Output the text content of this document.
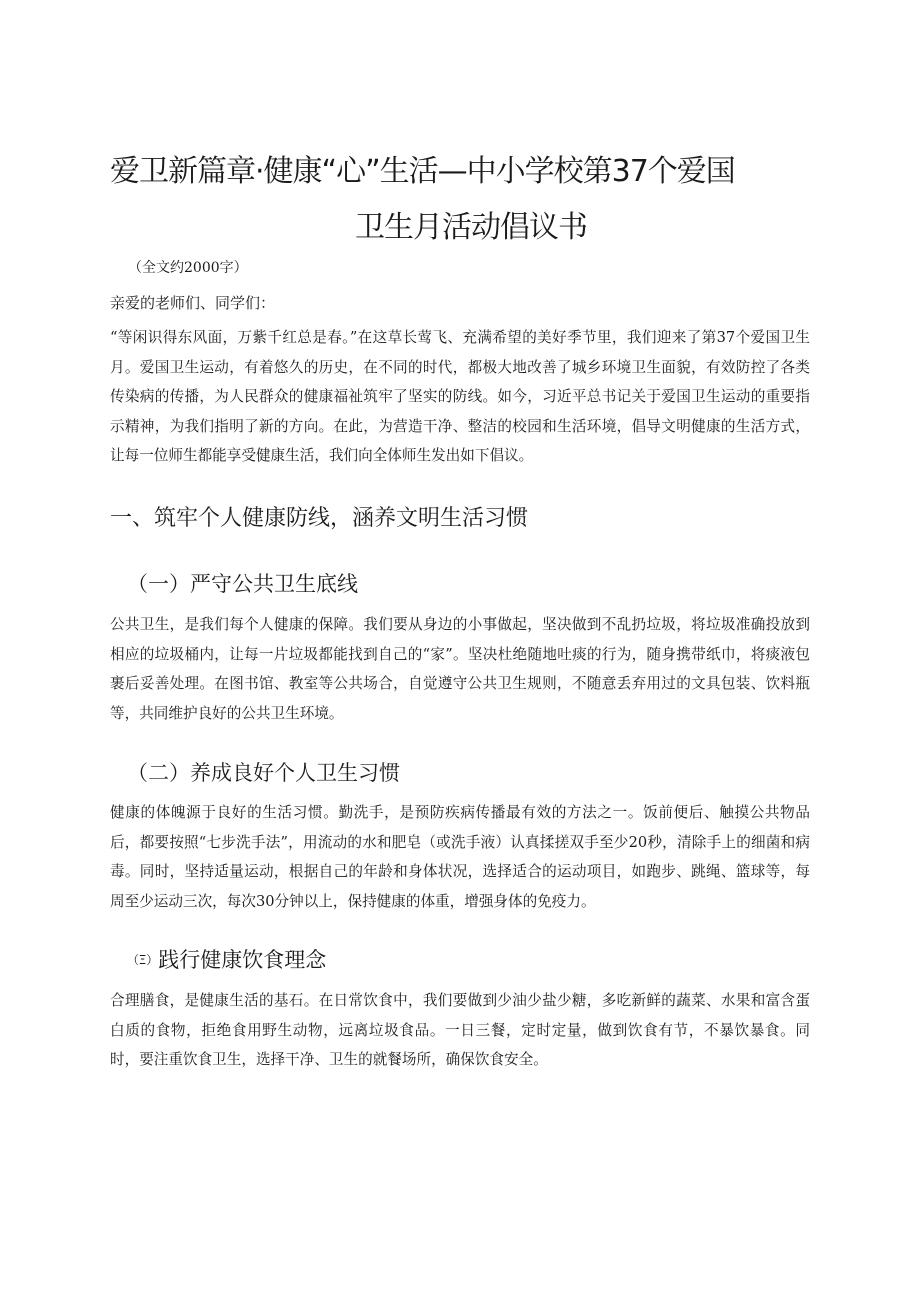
爱卫新篇章·健康“心”生活—中小学校第37个爱国
卫生月活动倡议书

（全文约2000字）

亲爱的老师们、同学们：

“等闲识得东风面，万紫千红总是春。”在这草长莺飞、充满希望的美好季节里，我们迎来了第37个爱国卫生月。爱国卫生运动，有着悠久的历史，在不同的时代，都极大地改善了城乡环境卫生面貌，有效防控了各类传染病的传播，为人民群众的健康福祉筑牢了坚实的防线。如今，习近平总书记关于爱国卫生运动的重要指示精神，为我们指明了新的方向。在此，为营造干净、整洁的校园和生活环境，倡导文明健康的生活方式，让每一位师生都能享受健康生活，我们向全体师生发出如下倡议。

一、筑牢个人健康防线，涵养文明生活习惯
（一）严守公共卫生底线

公共卫生，是我们每个人健康的保障。我们要从身边的小事做起，坚决做到不乱扔垃圾，将垃圾准确投放到相应的垃圾桶内，让每一片垃圾都能找到自己的“家”。坚决杜绝随地吐痰的行为，随身携带纸巾，将痰液包裹后妥善处理。在图书馆、教室等公共场合，自觉遵守公共卫生规则，不随意丢弃用过的文具包装、饮料瓶等，共同维护良好的公共卫生环境。

（二）养成良好个人卫生习惯

健康的体魄源于良好的生活习惯。勤洗手，是预防疾病传播最有效的方法之一。饭前便后、触摸公共物品后，都要按照“七步洗手法”，用流动的水和肥皂（或洗手液）认真揉搓双手至少20秒，清除手上的细菌和病毒。同时，坚持适量运动，根据自己的年龄和身体状况，选择适合的运动项目，如跑步、跳绳、篮球等，每周至少运动三次，每次30分钟以上，保持健康的体重，增强身体的免疫力。

（Ξ）践行健康饮食理念

合理膳食，是健康生活的基石。在日常饮食中，我们要做到少油少盐少糖，多吃新鲜的蔬菜、水果和富含蛋白质的食物，拒绝食用野生动物，远离垃圾食品。一日三餐，定时定量，做到饮食有节，不暴饮暴食。同时，要注重饮食卫生，选择干净、卫生的就餐场所，确保饮食安全。
